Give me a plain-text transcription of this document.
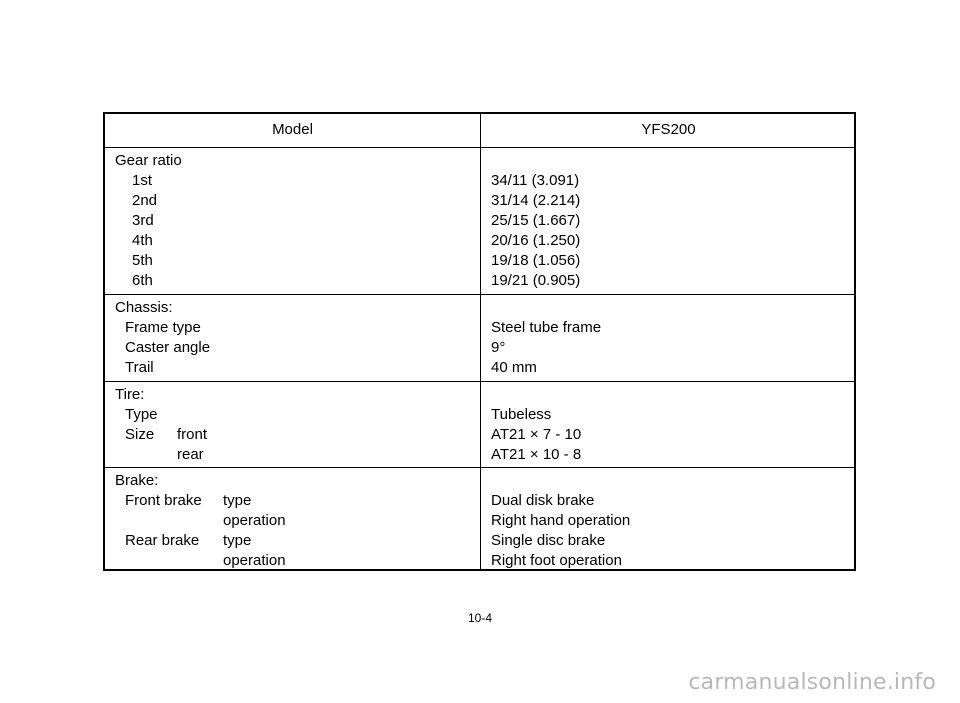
Model	YFS200
Gear ratio
1st	34/11 (3.091)
2nd	31/14 (2.214)
3rd	25/15 (1.667)
4th	20/16 (1.250)
5th	19/18 (1.056)
6th	19/21 (0.905)
Chassis:
Frame type	Steel tube frame
Caster angle	9°
Trail	40 mm
Tire:
Type	Tubeless
Size front	AT21 × 7 - 10
rear	AT21 × 10 - 8
Brake:
Front brake type	Dual disk brake
operation	Right hand operation
Rear brake type	Single disc brake
operation	Right foot operation
10-4
carmanualsonline.info
